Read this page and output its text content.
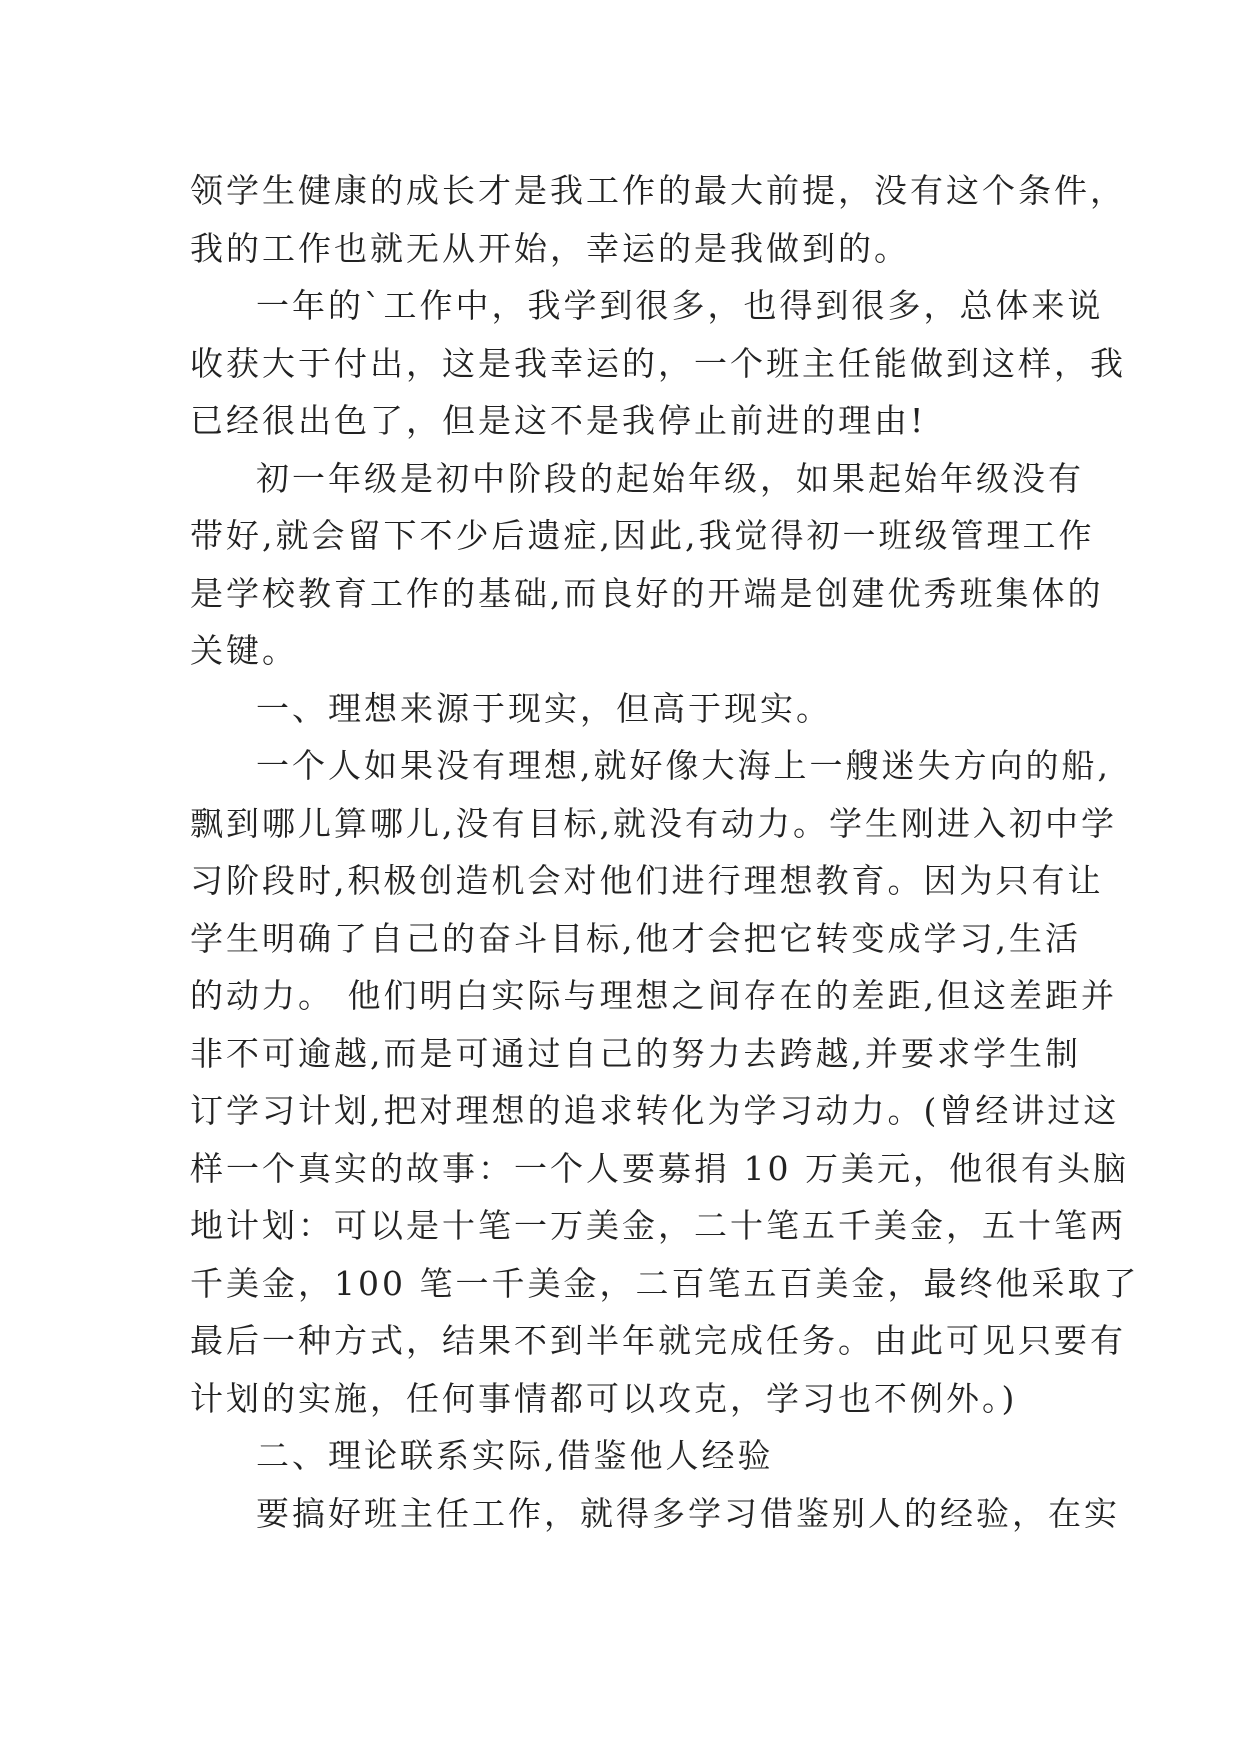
领学生健康的成长才是我工作的最大前提，没有这个条件，
我的工作也就无从开始，幸运的是我做到的。
一年的`工作中，我学到很多，也得到很多，总体来说
收获大于付出，这是我幸运的，一个班主任能做到这样，我
已经很出色了，但是这不是我停止前进的理由!
初一年级是初中阶段的起始年级，如果起始年级没有
带好,就会留下不少后遗症,因此,我觉得初一班级管理工作
是学校教育工作的基础,而良好的开端是创建优秀班集体的
关键。
一、理想来源于现实，但高于现实。
一个人如果没有理想,就好像大海上一艘迷失方向的船,
飘到哪儿算哪儿,没有目标,就没有动力。学生刚进入初中学
习阶段时,积极创造机会对他们进行理想教育。因为只有让
学生明确了自己的奋斗目标,他才会把它转变成学习,生活
的动力。 他们明白实际与理想之间存在的差距,但这差距并
非不可逾越,而是可通过自己的努力去跨越,并要求学生制
订学习计划,把对理想的追求转化为学习动力。(曾经讲过这
样一个真实的故事：一个人要募捐 10 万美元，他很有头脑
地计划：可以是十笔一万美金，二十笔五千美金，五十笔两
千美金，100 笔一千美金，二百笔五百美金，最终他采取了
最后一种方式，结果不到半年就完成任务。由此可见只要有
计划的实施，任何事情都可以攻克，学习也不例外。)
二、理论联系实际,借鉴他人经验
要搞好班主任工作，就得多学习借鉴别人的经验，在实
